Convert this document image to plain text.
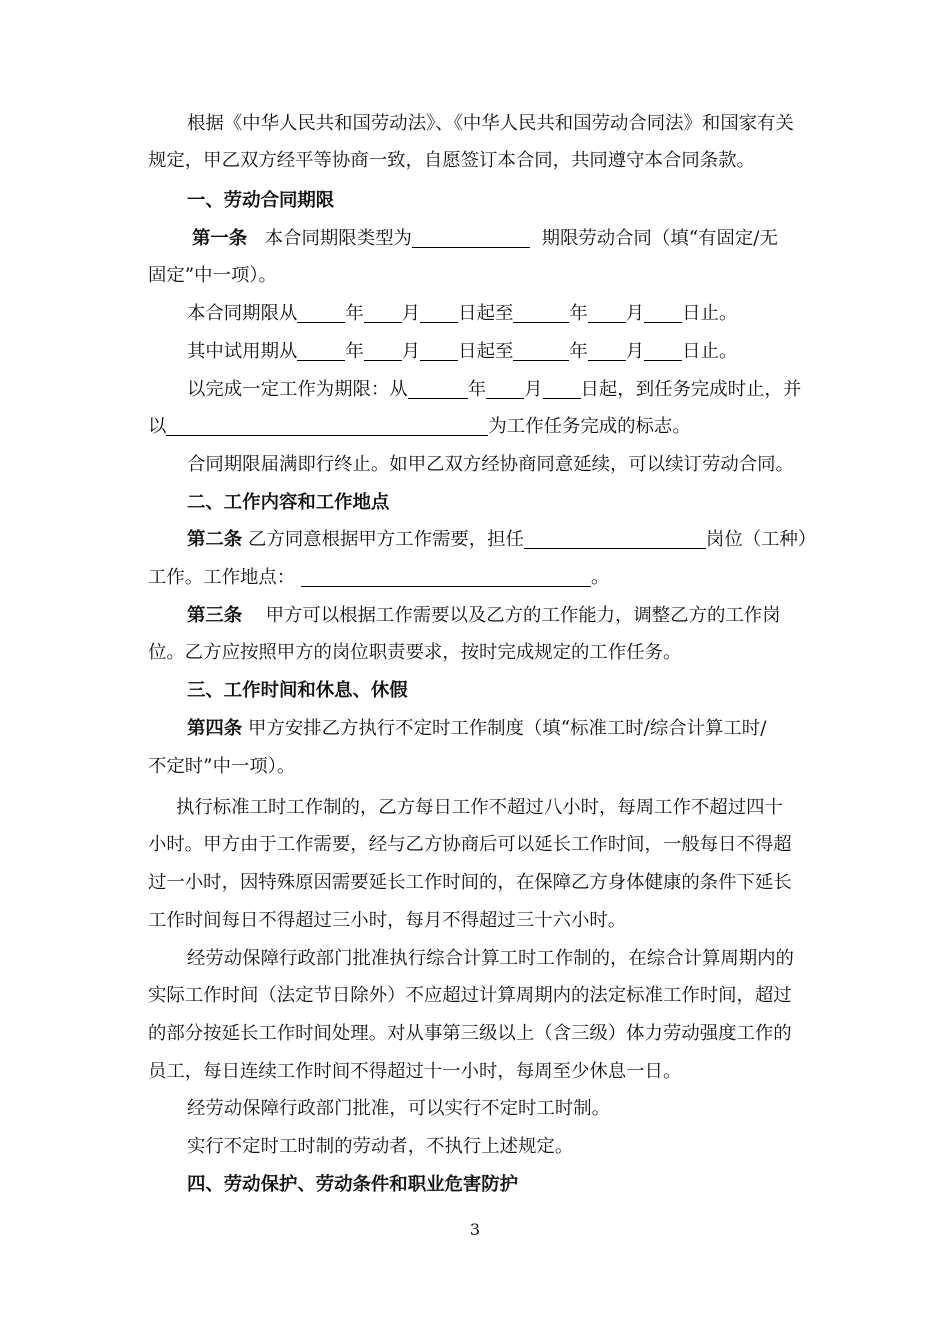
根据《中华人民共和国劳动法》、《中华人民共和国劳动合同法》和国家有关
规定，甲乙双方经平等协商一致，自愿签订本合同，共同遵守本合同条款。
一、劳动合同期限
第一条 本合同期限类型为	期限劳动合同（填“有固定/无
固定”中一项）。
本合同期限从	年 月 日起至	年 月 日止。
其中试用期从	年 月 日起至	年 月 日止。
以完成一定工作为期限：从	年 月 日起，到任务完成时止，并
以	为工作任务完成的标志。
合同期限届满即行终止。如甲乙双方经协商同意延续，可以续订劳动合同。
二、工作内容和工作地点
第二条 乙方同意根据甲方工作需要，担任	岗位（工种）
工作。工作地点：	。
第三条 甲方可以根据工作需要以及乙方的工作能力，调整乙方的工作岗
位。乙方应按照甲方的岗位职责要求，按时完成规定的工作任务。
三、工作时间和休息、休假
第四条 甲方安排乙方执行不定时工作制度（填“标准工时/综合计算工时/
不定时”中一项）。
执行标准工时工作制的，乙方每日工作不超过八小时，每周工作不超过四十
小时。甲方由于工作需要，经与乙方协商后可以延长工作时间，一般每日不得超
过一小时，因特殊原因需要延长工作时间的，在保障乙方身体健康的条件下延长
工作时间每日不得超过三小时，每月不得超过三十六小时。
经劳动保障行政部门批准执行综合计算工时工作制的，在综合计算周期内的
实际工作时间（法定节日除外）不应超过计算周期内的法定标准工作时间，超过
的部分按延长工作时间处理。对从事第三级以上（含三级）体力劳动强度工作的
员工，每日连续工作时间不得超过十一小时，每周至少休息一日。
经劳动保障行政部门批准，可以实行不定时工时制。
实行不定时工时制的劳动者，不执行上述规定。
四、劳动保护、劳动条件和职业危害防护
3
